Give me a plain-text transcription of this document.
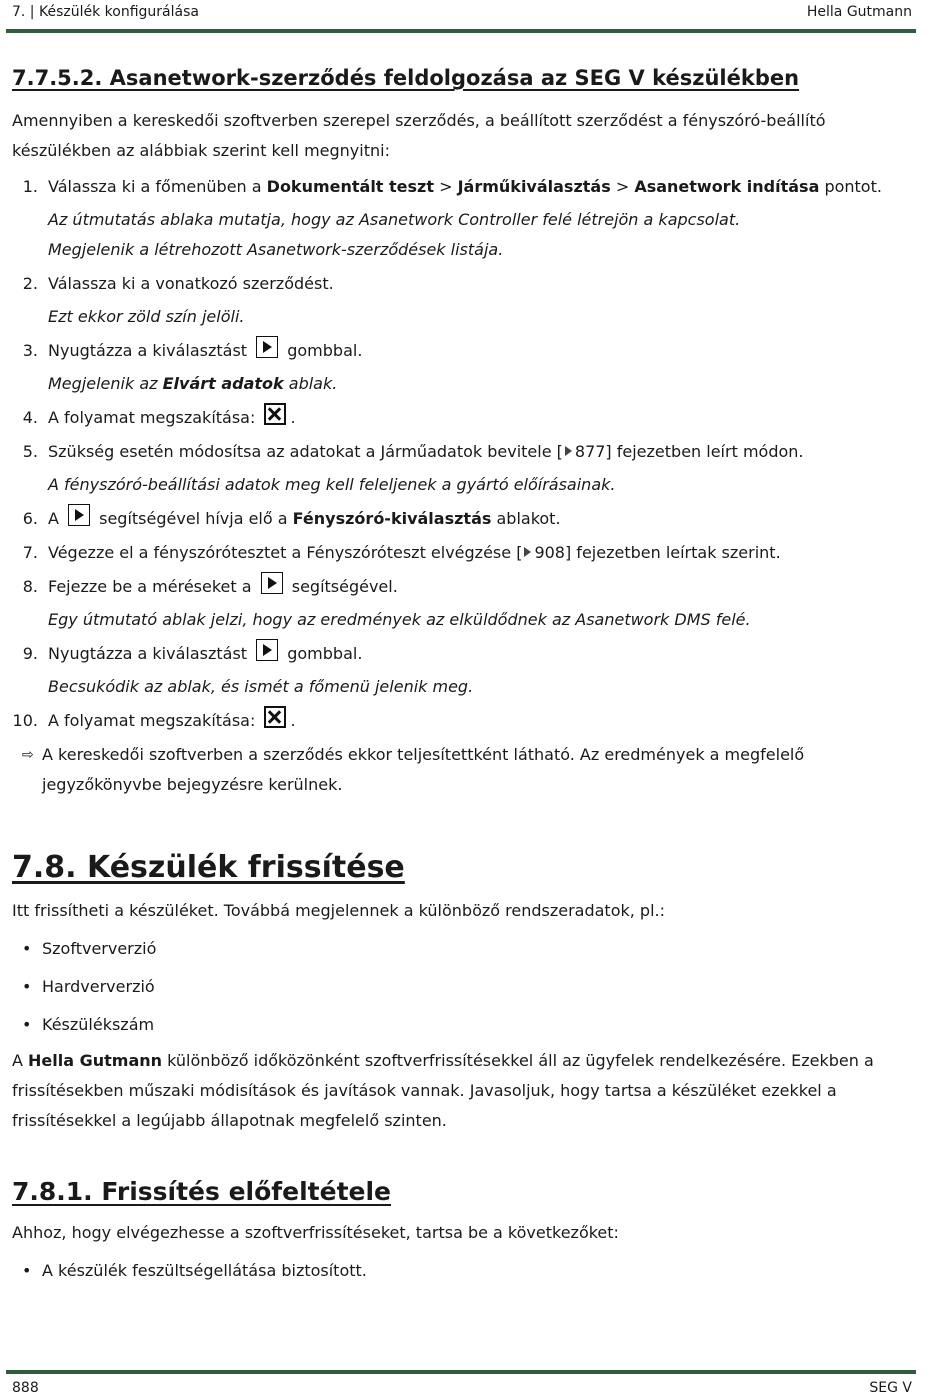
7. | Készülék konfigurálása	Hella Gutmann
7.7.5.2. Asanetwork-szerződés feldolgozása az SEG V készülékben

Amennyiben a kereskedői szoftverben szerepel szerződés, a beállított szerződést a fényszóró-beállító készülékben az alábbiak szerint kell megnyitni:

1. Válassza ki a főmenüben a Dokumentált teszt > Járműkiválasztás > Asanetwork indítása pontot.

Az útmutatás ablaka mutatja, hogy az Asanetwork Controller felé létrejön a kapcsolat.

Megjelenik a létrehozott Asanetwork-szerződések listája.

2. Válassza ki a vonatkozó szerződést.

Ezt ekkor zöld szín jelöli.

3. Nyugtázza a kiválasztást  gombbal.

Megjelenik az Elvárt adatok ablak.

4. A folyamat megszakítása: .
5. Szükség esetén módosítsa az adatokat a Járműadatok bevitele [ 877] fejezetben leírt módon.

A fényszóró-beállítási adatok meg kell feleljenek a gyártó előírásainak.

6. A  segítségével hívja elő a Fényszóró-kiválasztás ablakot.
7. Végezze el a fényszórótesztet a Fényszóróteszt elvégzése [ 908] fejezetben leírtak szerint.
8. Fejezze be a méréseket a  segítségével.

Egy útmutató ablak jelzi, hogy az eredmények az elküldődnek az Asanetwork DMS felé.

9. Nyugtázza a kiválasztást  gombbal.

Becsukódik az ablak, és ismét a főmenü jelenik meg.

10. A folyamat megszakítása: .
⇨ A kereskedői szoftverben a szerződés ekkor teljesítettként látható. Az eredmények a megfelelő jegyzőkönyvbe bejegyzésre kerülnek.
7.8. Készülék frissítése

Itt frissítheti a készüléket. Továbbá megjelennek a különböző rendszeradatok, pl.:

• Szoftververzió
• Hardververzió
• Készülékszám

A Hella Gutmann különböző időközönként szoftverfrissítésekkel áll az ügyfelek rendelkezésére. Ezekben a frissítésekben műszaki módisítások és javítások vannak. Javasoljuk, hogy tartsa a készüléket ezekkel a frissítésekkel a legújabb állapotnak megfelelő szinten.

7.8.1. Frissítés előfeltétele

Ahhoz, hogy elvégezhesse a szoftverfrissítéseket, tartsa be a következőket:

• A készülék feszültségellátása biztosított.
888	SEG V
